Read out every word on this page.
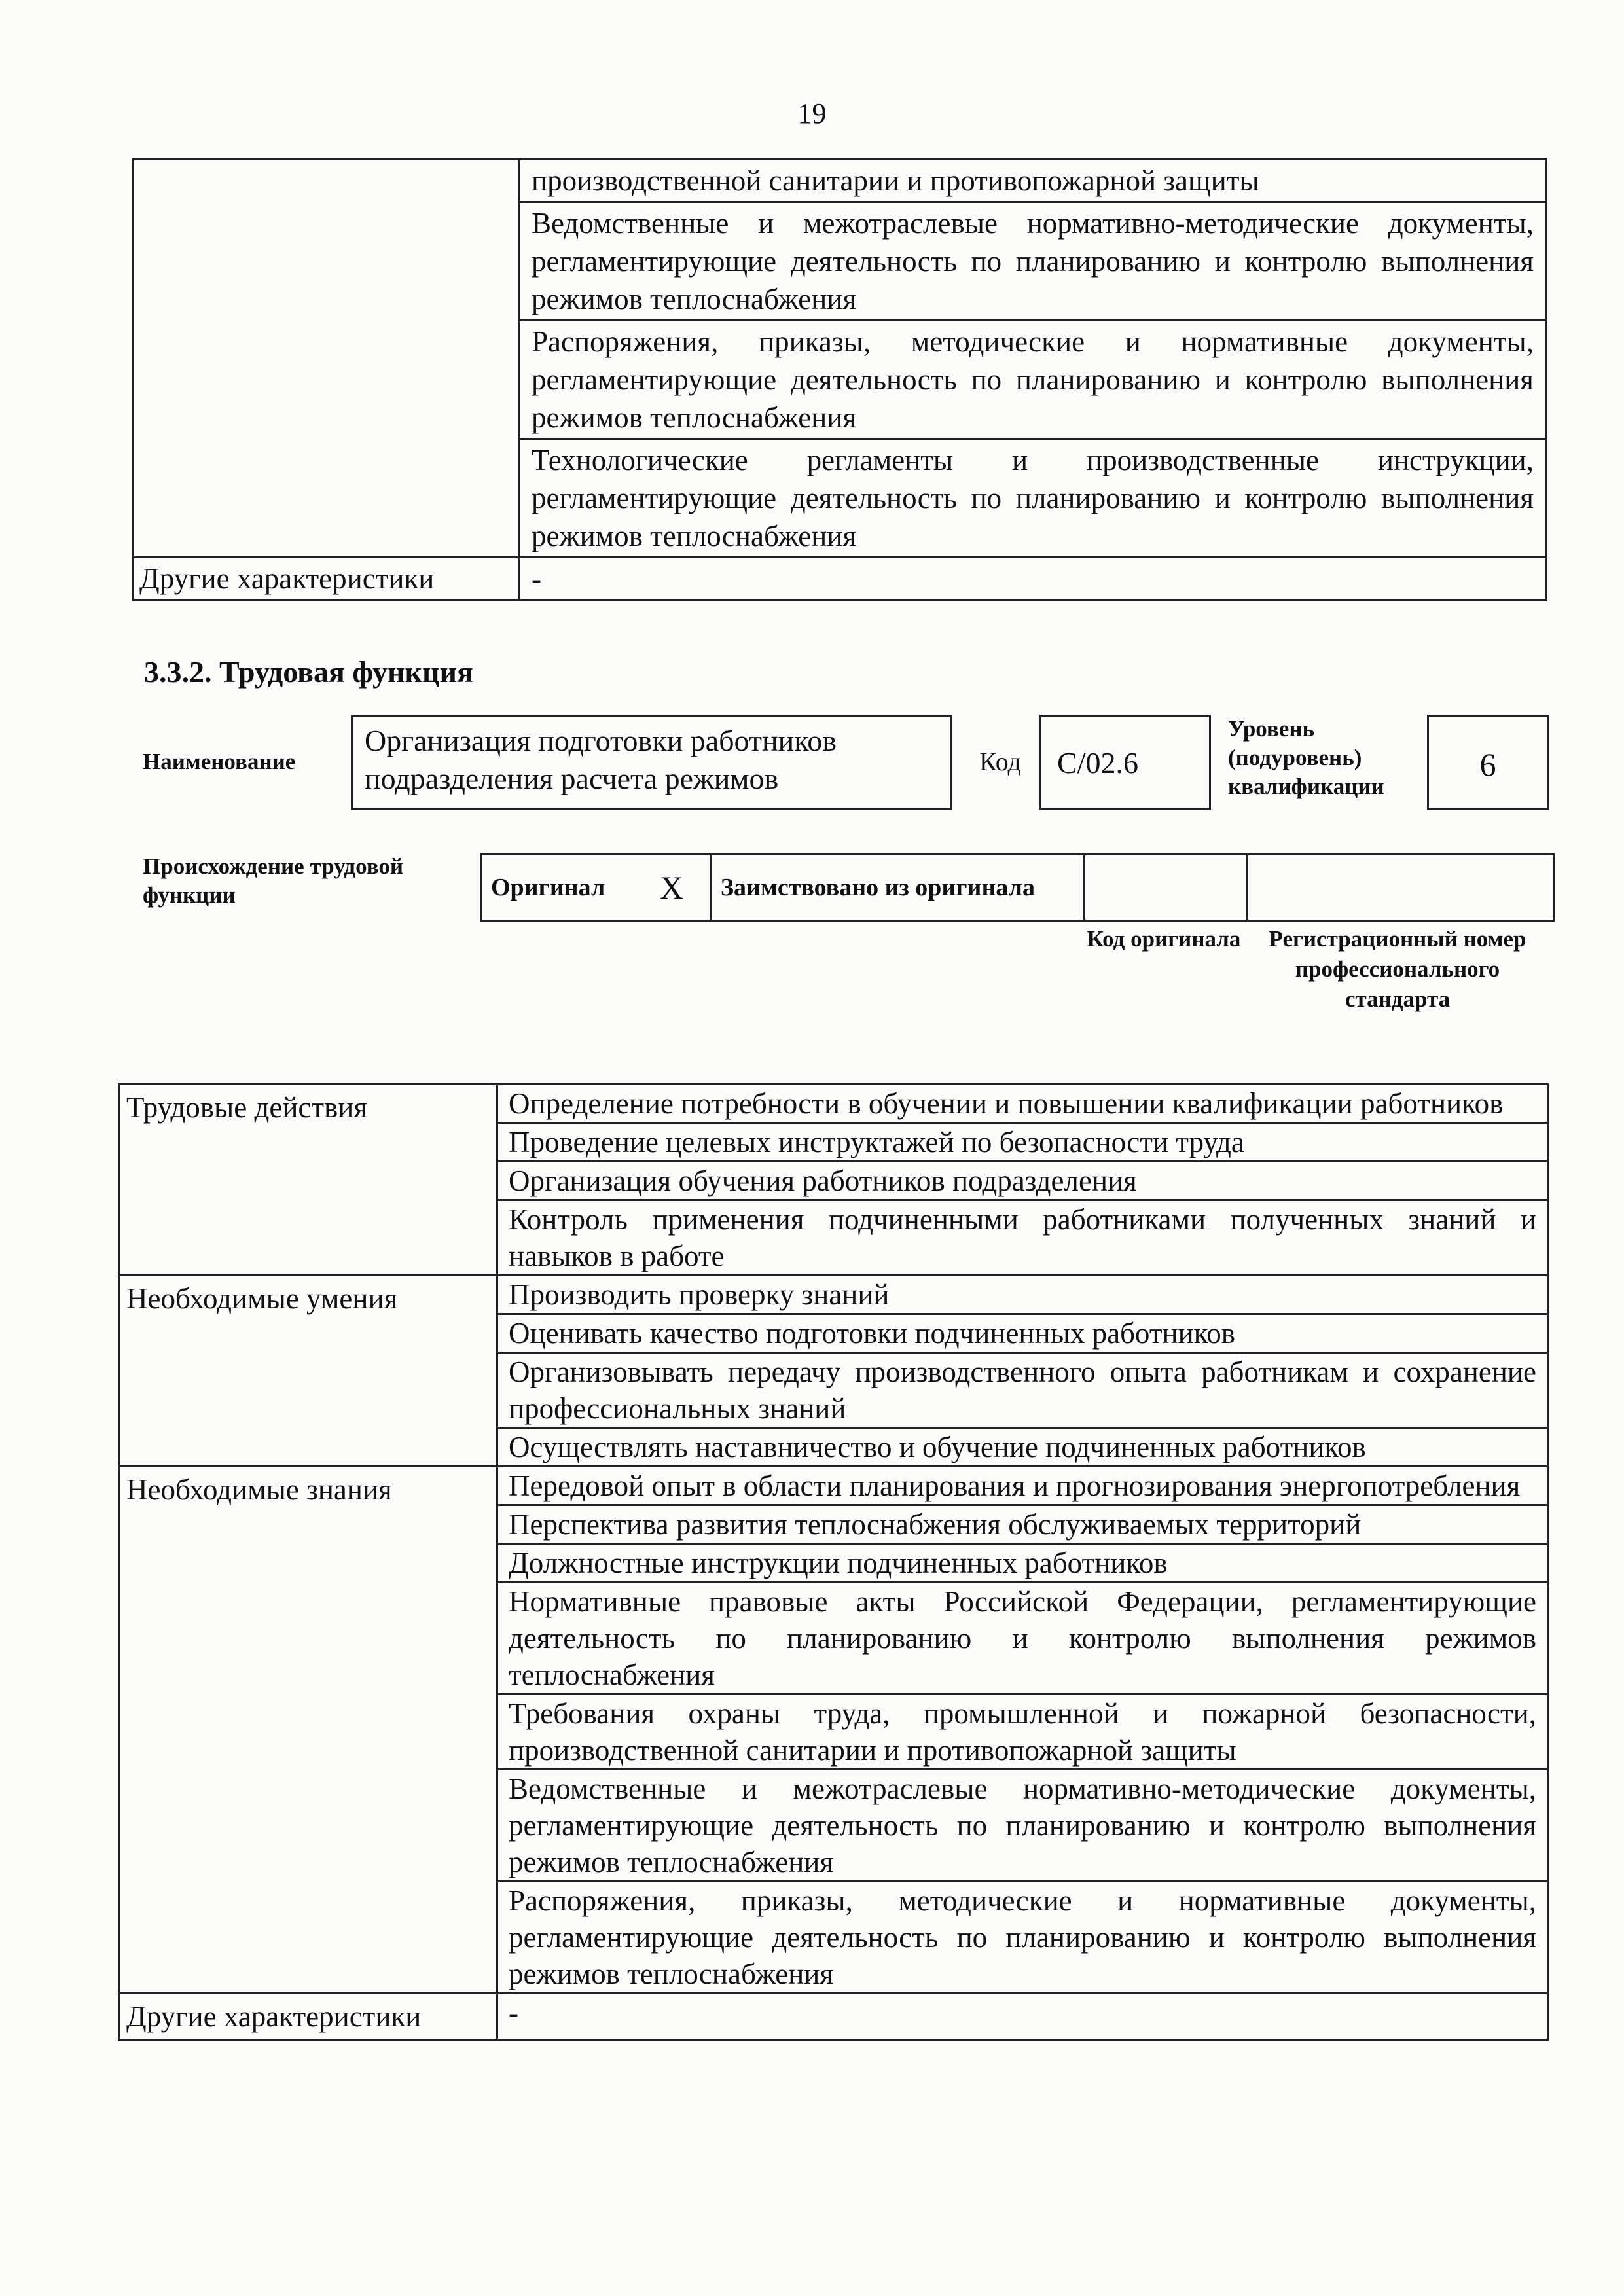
19
	производственной санитарии и противопожарной защиты
	Ведомственные и межотраслевые нормативно-методические документы, регламентирующие деятельность по планированию и контролю выполнения режимов теплоснабжения
	Распоряжения, приказы, методические и нормативные документы, регламентирующие деятельность по планированию и контролю выполнения режимов теплоснабжения
	Технологические регламенты и производственные инструкции, регламентирующие деятельность по планированию и контролю выполнения режимов теплоснабжения
Другие характеристики	-
3.3.2. Трудовая функция
Наименование
Организация подготовки работников подразделения расчета режимов
Код	C/02.6
Уровень (подуровень) квалификации
6
Происхождение трудовой функции	Оригинал	X	Заимствовано из оригинала		
Код оригинала	Регистрационный номер профессионального стандарта
Трудовые действия	Определение потребности в обучении и повышении квалификации работников
	Проведение целевых инструктажей по безопасности труда
	Организация обучения работников подразделения
	Контроль применения подчиненными работниками полученных знаний и навыков в работе
Необходимые умения	Производить проверку знаний
	Оценивать качество подготовки подчиненных работников
	Организовывать передачу производственного опыта работникам и сохранение профессиональных знаний
	Осуществлять наставничество и обучение подчиненных работников
Необходимые знания	Передовой опыт в области планирования и прогнозирования энергопотребления
	Перспектива развития теплоснабжения обслуживаемых территорий
	Должностные инструкции подчиненных работников
	Нормативные правовые акты Российской Федерации, регламентирующие деятельность по планированию и контролю выполнения режимов теплоснабжения
	Требования охраны труда, промышленной и пожарной безопасности, производственной санитарии и противопожарной защиты
	Ведомственные и межотраслевые нормативно-методические документы, регламентирующие деятельность по планированию и контролю выполнения режимов теплоснабжения
	Распоряжения, приказы, методические и нормативные документы, регламентирующие деятельность по планированию и контролю выполнения режимов теплоснабжения
Другие характеристики	-
